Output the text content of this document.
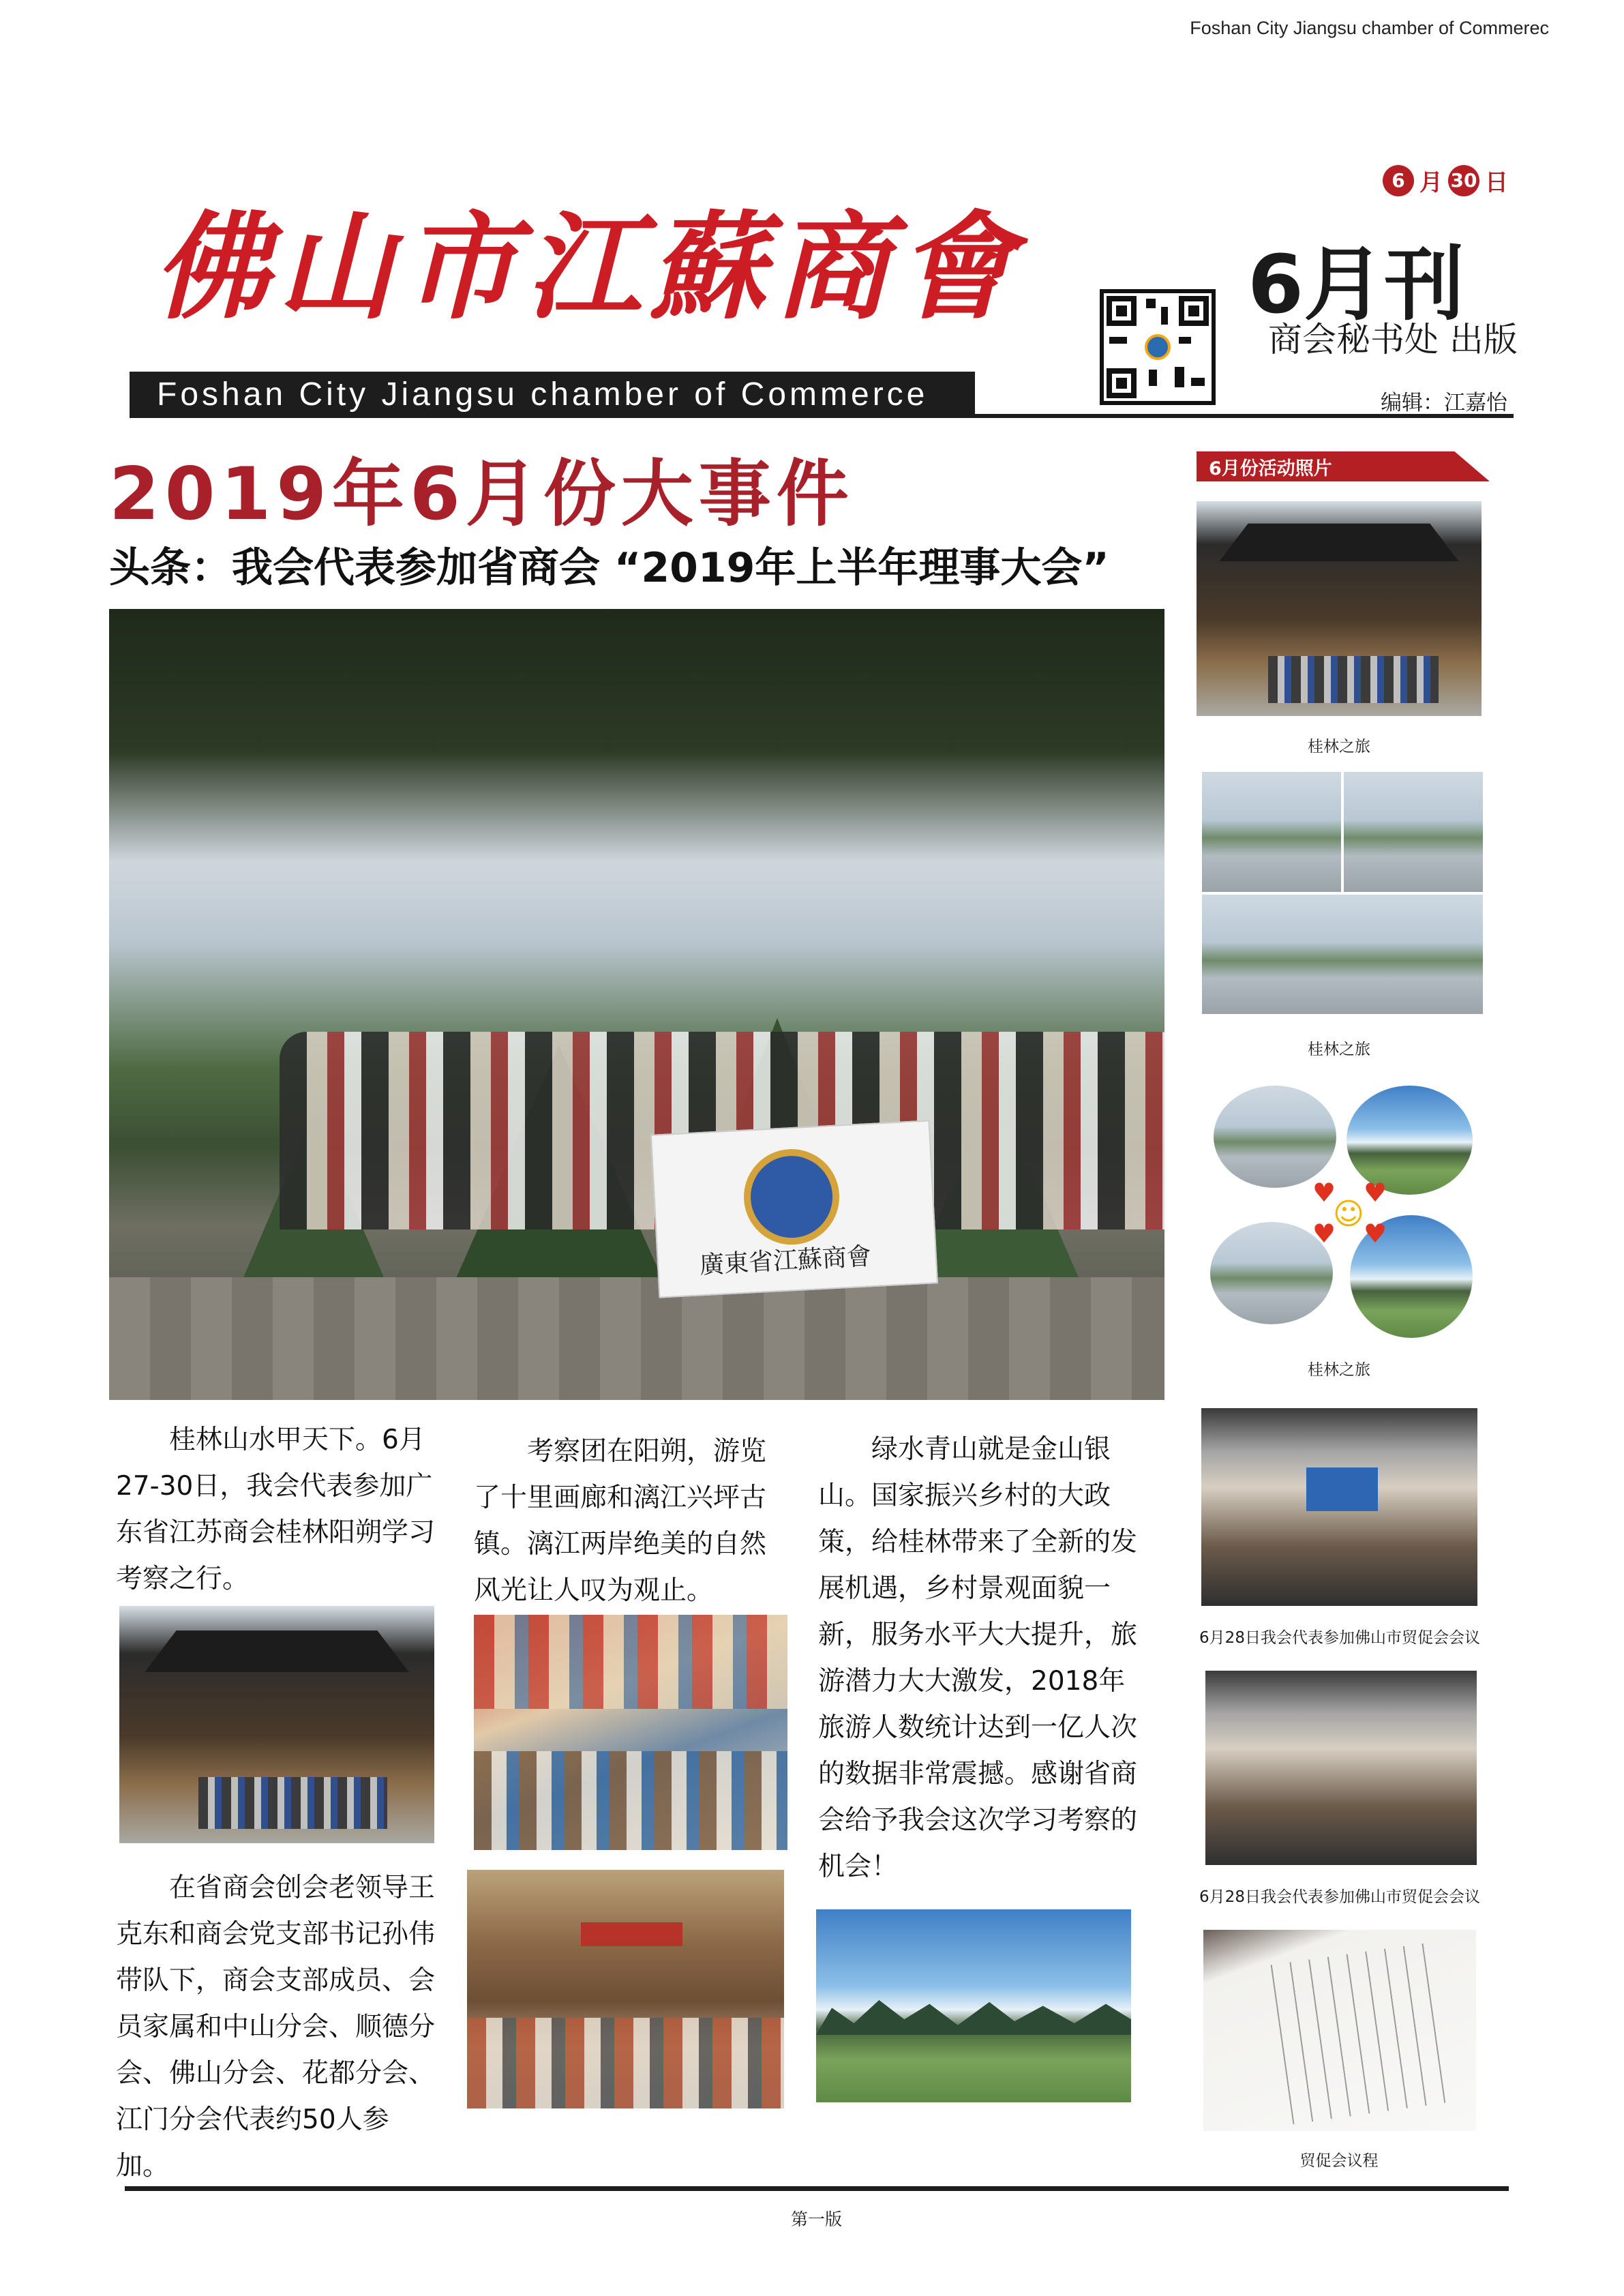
Foshan City Jiangsu chamber of Commerec
佛山市江蘇商會
Foshan City Jiangsu chamber of Commerce
6 月 30 日
6月刊
商会秘书处 出版
编辑：江嘉怡
2019年6月份大事件
头条：我会代表参加省商会 “2019年上半年理事大会”
廣東省江蘇商會

桂林山水甲天下。6月27-30日，我会代表参加广东省江苏商会桂林阳朔学习考察之行。

在省商会创会老领导王克东和商会党支部书记孙伟带队下，商会支部成员、会员家属和中山分会、顺德分会、佛山分会、花都分会、江门分会代表约50人参加。

考察团在阳朔，游览了十里画廊和漓江兴坪古镇。漓江两岸绝美的自然风光让人叹为观止。

绿水青山就是金山银山。国家振兴乡村的大政策，给桂林带来了全新的发展机遇，乡村景观面貌一新，服务水平大大提升，旅游潜力大大激发，2018年旅游人数统计达到一亿人次的数据非常震撼。感谢省商会给予我会这次学习考察的机会！

6月份活动照片
桂林之旅
桂林之旅
♥ ♥
♥ ♥
☺
桂林之旅
6月28日我会代表参加佛山市贸促会会议
6月28日我会代表参加佛山市贸促会会议
贸促会议程
第一版
